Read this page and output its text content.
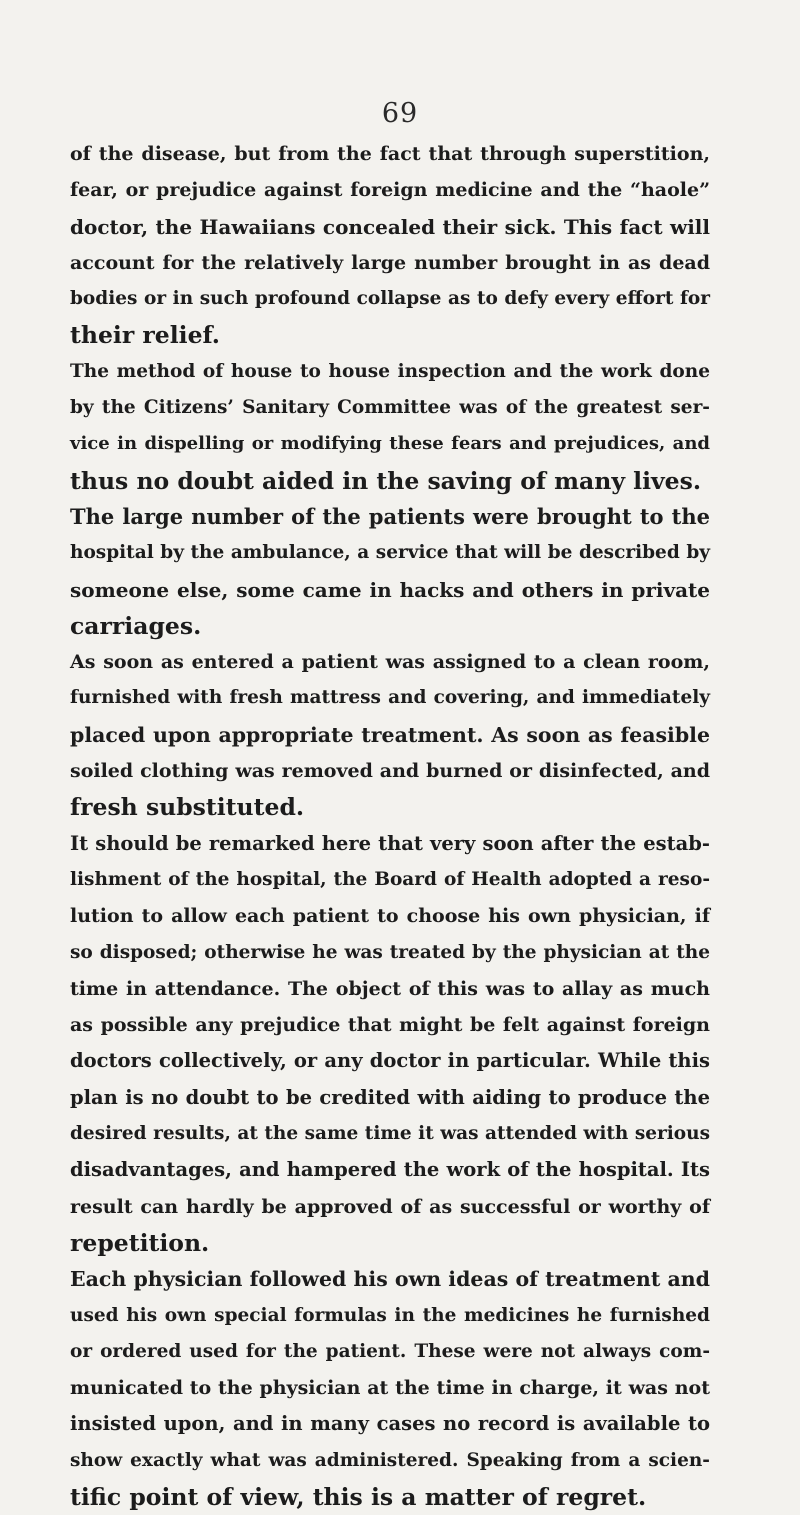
69
of the disease, but from the fact that through superstition,
fear, or prejudice against foreign medicine and the “haole”
doctor, the Hawaiians concealed their sick. This fact will
account for the relatively large number brought in as dead
bodies or in such profound collapse as to defy every effort for
their relief.
The method of house to house inspection and the work done
by the Citizens’ Sanitary Committee was of the greatest ser-
vice in dispelling or modifying these fears and prejudices, and
thus no doubt aided in the saving of many lives.
The large number of the patients were brought to the
hospital by the ambulance, a service that will be described by
someone else, some came in hacks and others in private
carriages.
As soon as entered a patient was assigned to a clean room,
furnished with fresh mattress and covering, and immediately
placed upon appropriate treatment. As soon as feasible
soiled clothing was removed and burned or disinfected, and
fresh substituted.
It should be remarked here that very soon after the estab-
lishment of the hospital, the Board of Health adopted a reso-
lution to allow each patient to choose his own physician, if
so disposed; otherwise he was treated by the physician at the
time in attendance. The object of this was to allay as much
as possible any prejudice that might be felt against foreign
doctors collectively, or any doctor in particular. While this
plan is no doubt to be credited with aiding to produce the
desired results, at the same time it was attended with serious
disadvantages, and hampered the work of the hospital. Its
result can hardly be approved of as successful or worthy of
repetition.
Each physician followed his own ideas of treatment and
used his own special formulas in the medicines he furnished
or ordered used for the patient. These were not always com-
municated to the physician at the time in charge, it was not
insisted upon, and in many cases no record is available to
show exactly what was administered. Speaking from a scien-
tific point of view, this is a matter of regret.
